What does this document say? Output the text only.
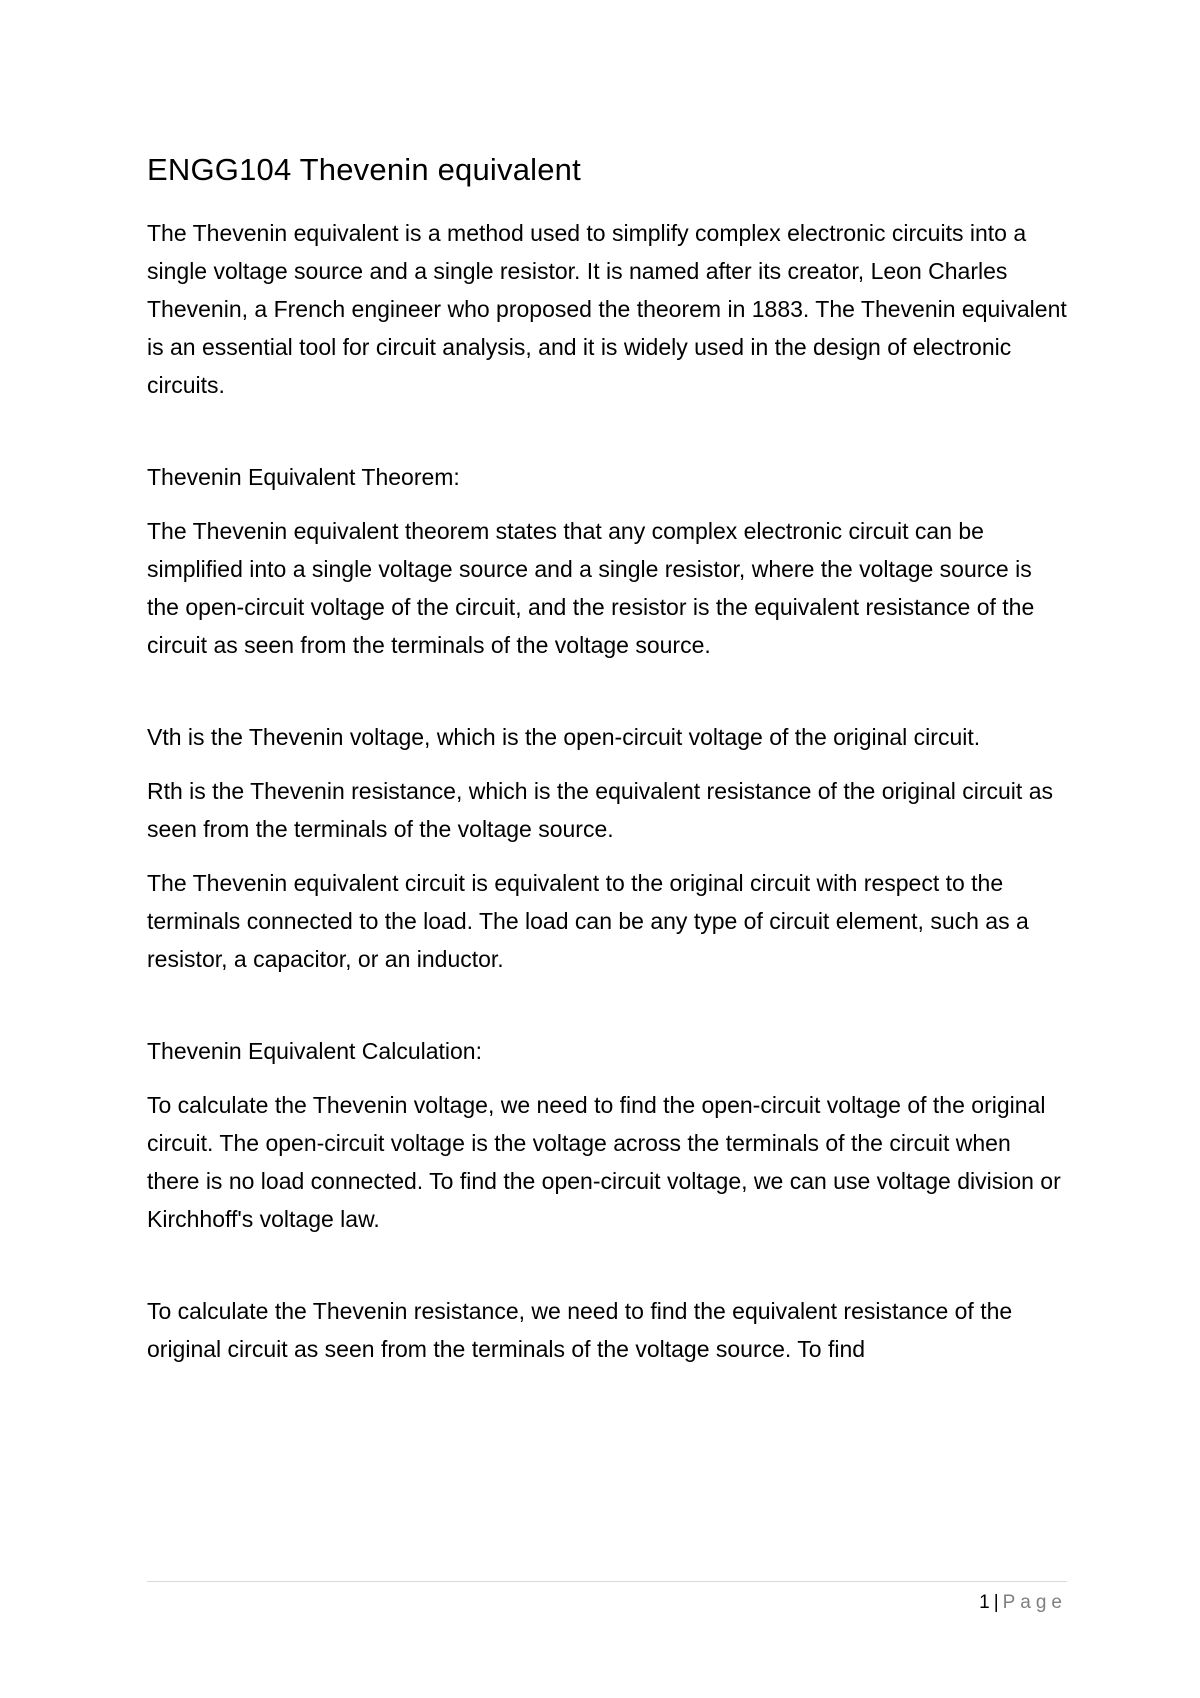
ENGG104 Thevenin equivalent

The Thevenin equivalent is a method used to simplify complex electronic circuits into a single voltage source and a single resistor. It is named after its creator, Leon Charles Thevenin, a French engineer who proposed the theorem in 1883. The Thevenin equivalent is an essential tool for circuit analysis, and it is widely used in the design of electronic circuits.

Thevenin Equivalent Theorem:

The Thevenin equivalent theorem states that any complex electronic circuit can be simplified into a single voltage source and a single resistor, where the voltage source is the open-circuit voltage of the circuit, and the resistor is the equivalent resistance of the circuit as seen from the terminals of the voltage source.

Vth is the Thevenin voltage, which is the open-circuit voltage of the original circuit.

Rth is the Thevenin resistance, which is the equivalent resistance of the original circuit as seen from the terminals of the voltage source.

The Thevenin equivalent circuit is equivalent to the original circuit with respect to the terminals connected to the load. The load can be any type of circuit element, such as a resistor, a capacitor, or an inductor.

Thevenin Equivalent Calculation:

To calculate the Thevenin voltage, we need to find the open-circuit voltage of the original circuit. The open-circuit voltage is the voltage across the terminals of the circuit when there is no load connected. To find the open-circuit voltage, we can use voltage division or Kirchhoff's voltage law.

To calculate the Thevenin resistance, we need to find the equivalent resistance of the original circuit as seen from the terminals of the voltage source. To find

1 | Page
